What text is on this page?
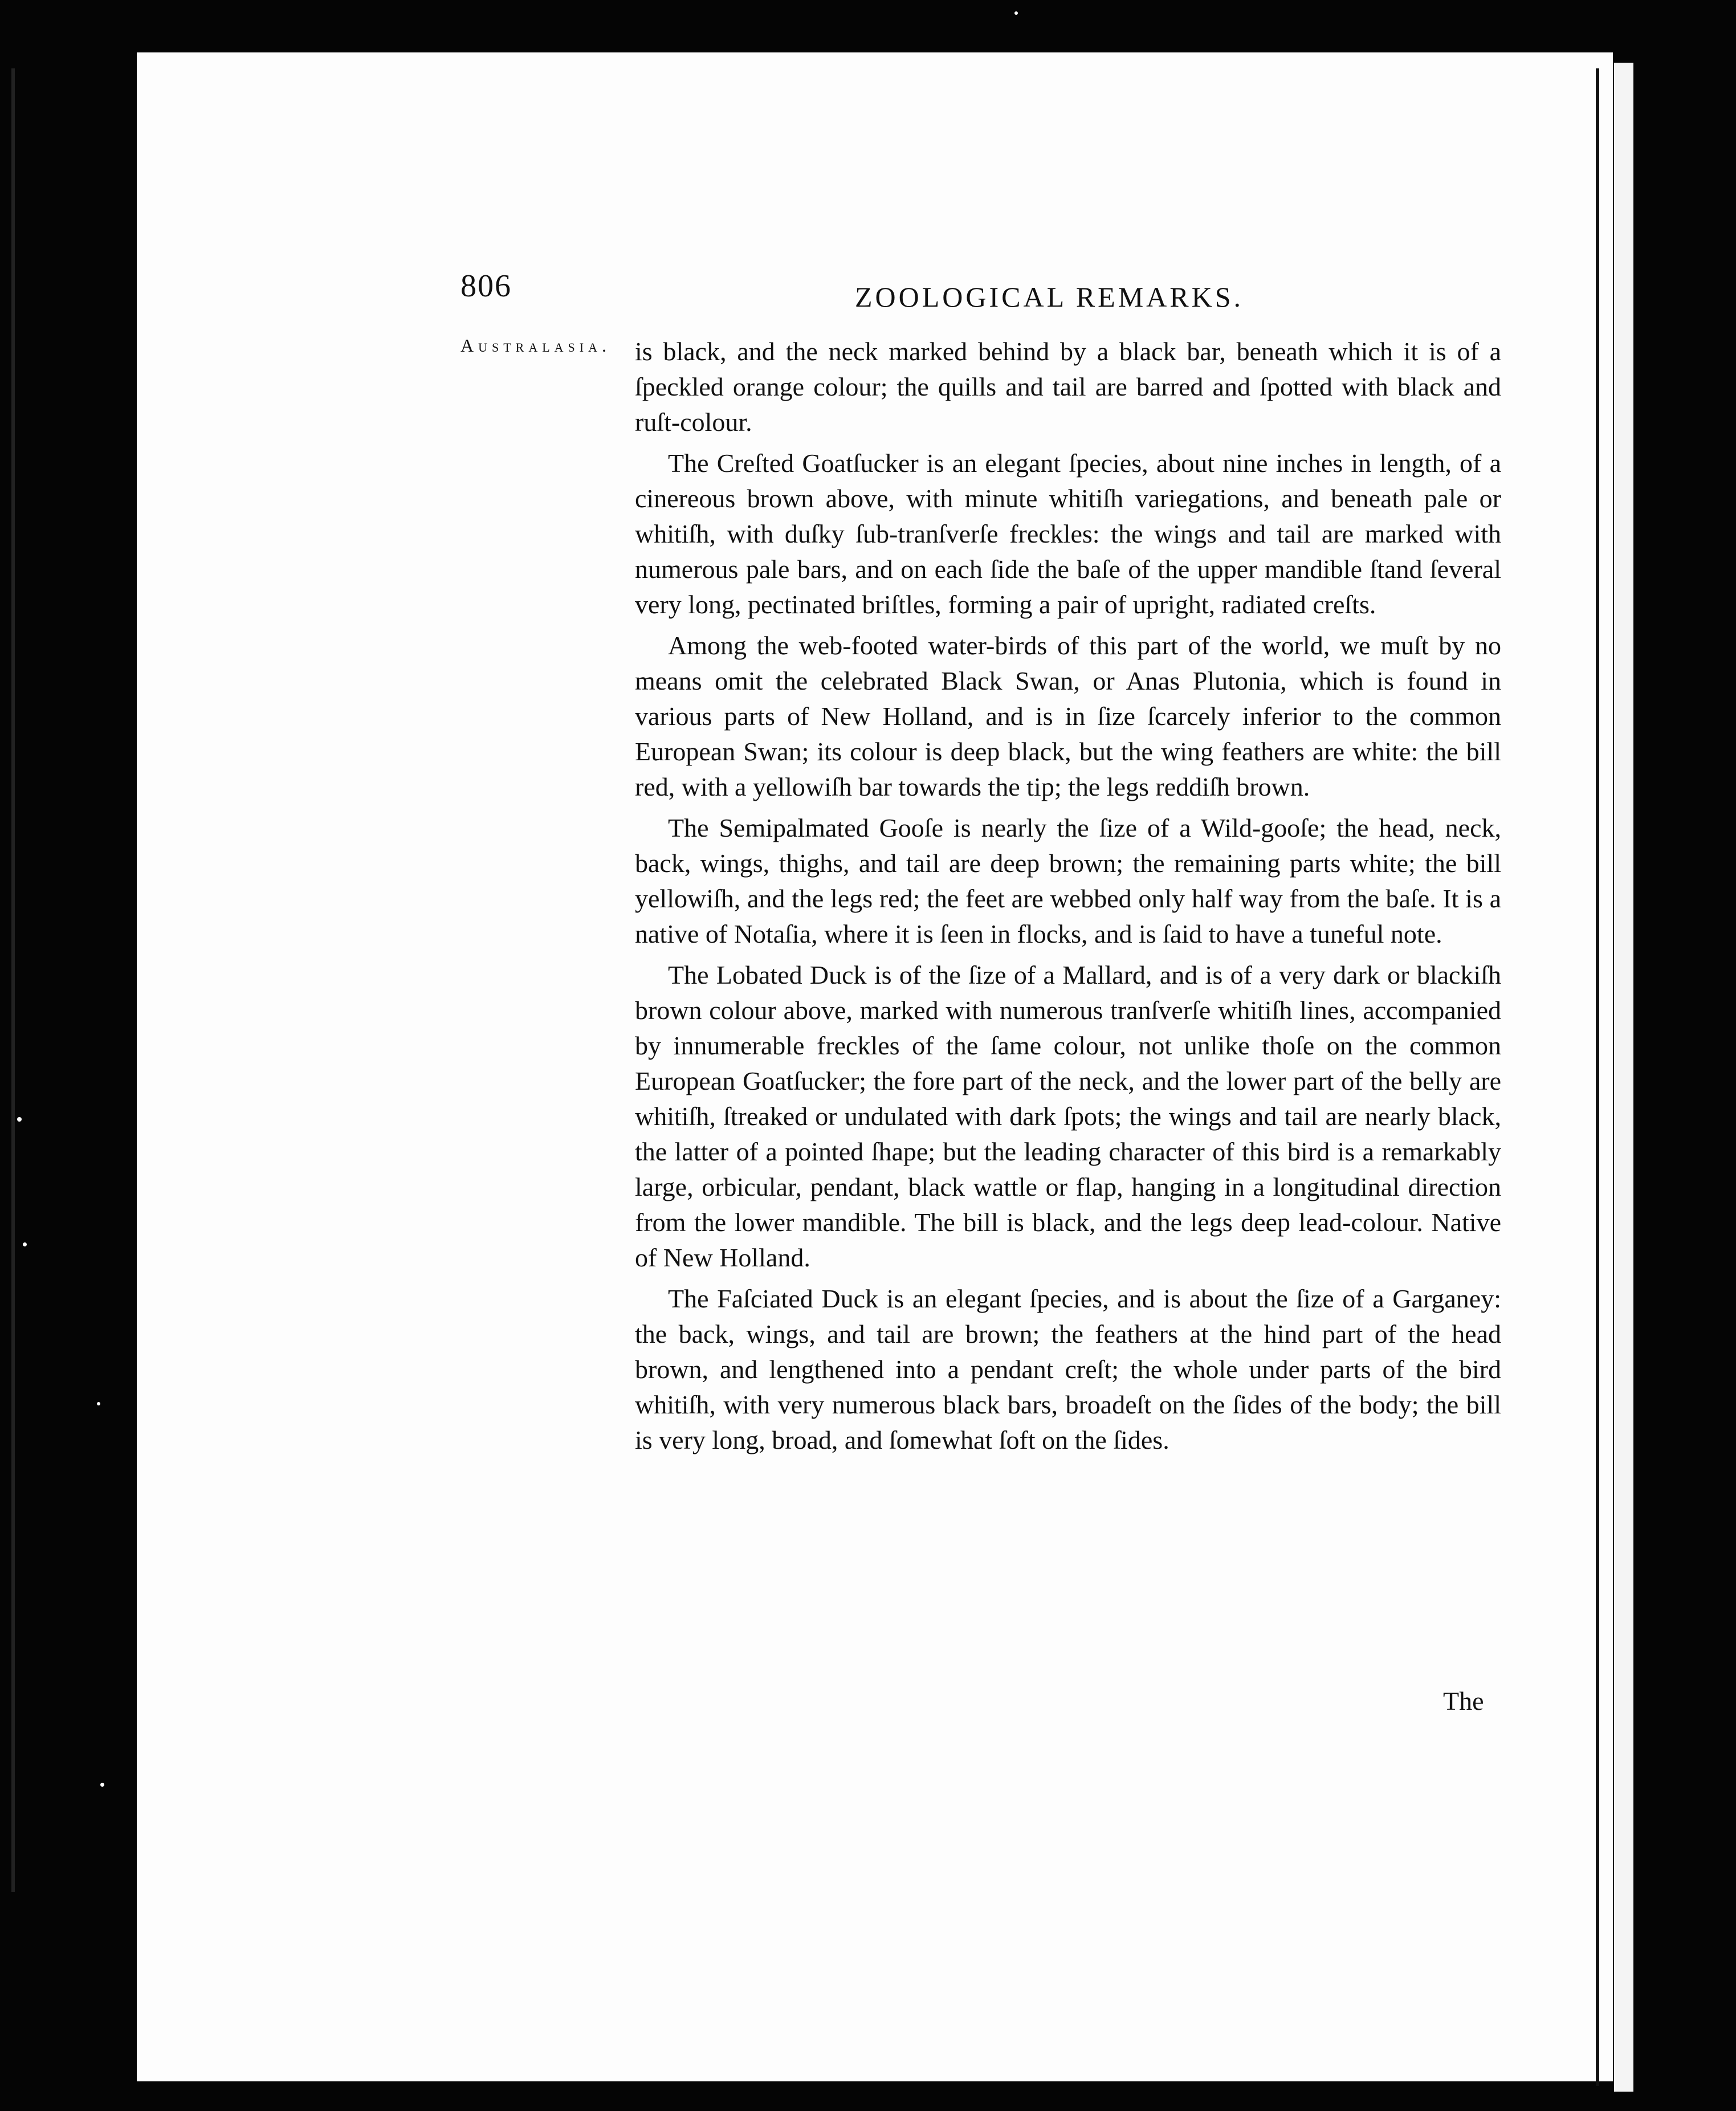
806	ZOOLOGICAL REMARKS.
Australasia. is black, and the neck marked behind by a black bar, beneath which it is of a ſpeckled orange colour; the quills and tail are barred and ſpotted with black and ruſt-colour.

The Creſted Goatſucker is an elegant ſpecies, about nine inches in length, of a cinereous brown above, with minute whitiſh variegations, and beneath pale or whitiſh, with duſky ſub-tranſverſe freckles: the wings and tail are marked with numerous pale bars, and on each ſide the baſe of the upper mandible ſtand ſeveral very long, pectinated briſtles, forming a pair of upright, radiated creſts.

Among the web-footed water-birds of this part of the world, we muſt by no means omit the celebrated Black Swan, or Anas Plutonia, which is found in various parts of New Holland, and is in ſize ſcarcely inferior to the common European Swan; its colour is deep black, but the wing feathers are white: the bill red, with a yellowiſh bar towards the tip; the legs reddiſh brown.

The Semipalmated Gooſe is nearly the ſize of a Wild-gooſe; the head, neck, back, wings, thighs, and tail are deep brown; the remaining parts white; the bill yellowiſh, and the legs red; the feet are webbed only half way from the baſe. It is a native of Notaſia, where it is ſeen in flocks, and is ſaid to have a tuneful note.

The Lobated Duck is of the ſize of a Mallard, and is of a very dark or blackiſh brown colour above, marked with numerous tranſverſe whitiſh lines, accompanied by innumerable freckles of the ſame colour, not unlike thoſe on the common European Goatſucker; the fore part of the neck, and the lower part of the belly are whitiſh, ſtreaked or undulated with dark ſpots; the wings and tail are nearly black, the latter of a pointed ſhape; but the leading character of this bird is a remarkably large, orbicular, pendant, black wattle or flap, hanging in a longitudinal direction from the lower mandible. The bill is black, and the legs deep lead-colour. Native of New Holland.

The Faſciated Duck is an elegant ſpecies, and is about the ſize of a Garganey: the back, wings, and tail are brown; the feathers at the hind part of the head brown, and lengthened into a pendant creſt; the whole under parts of the bird whitiſh, with very numerous black bars, broadeſt on the ſides of the body; the bill is very long, broad, and ſomewhat ſoft on the ſides.

The
